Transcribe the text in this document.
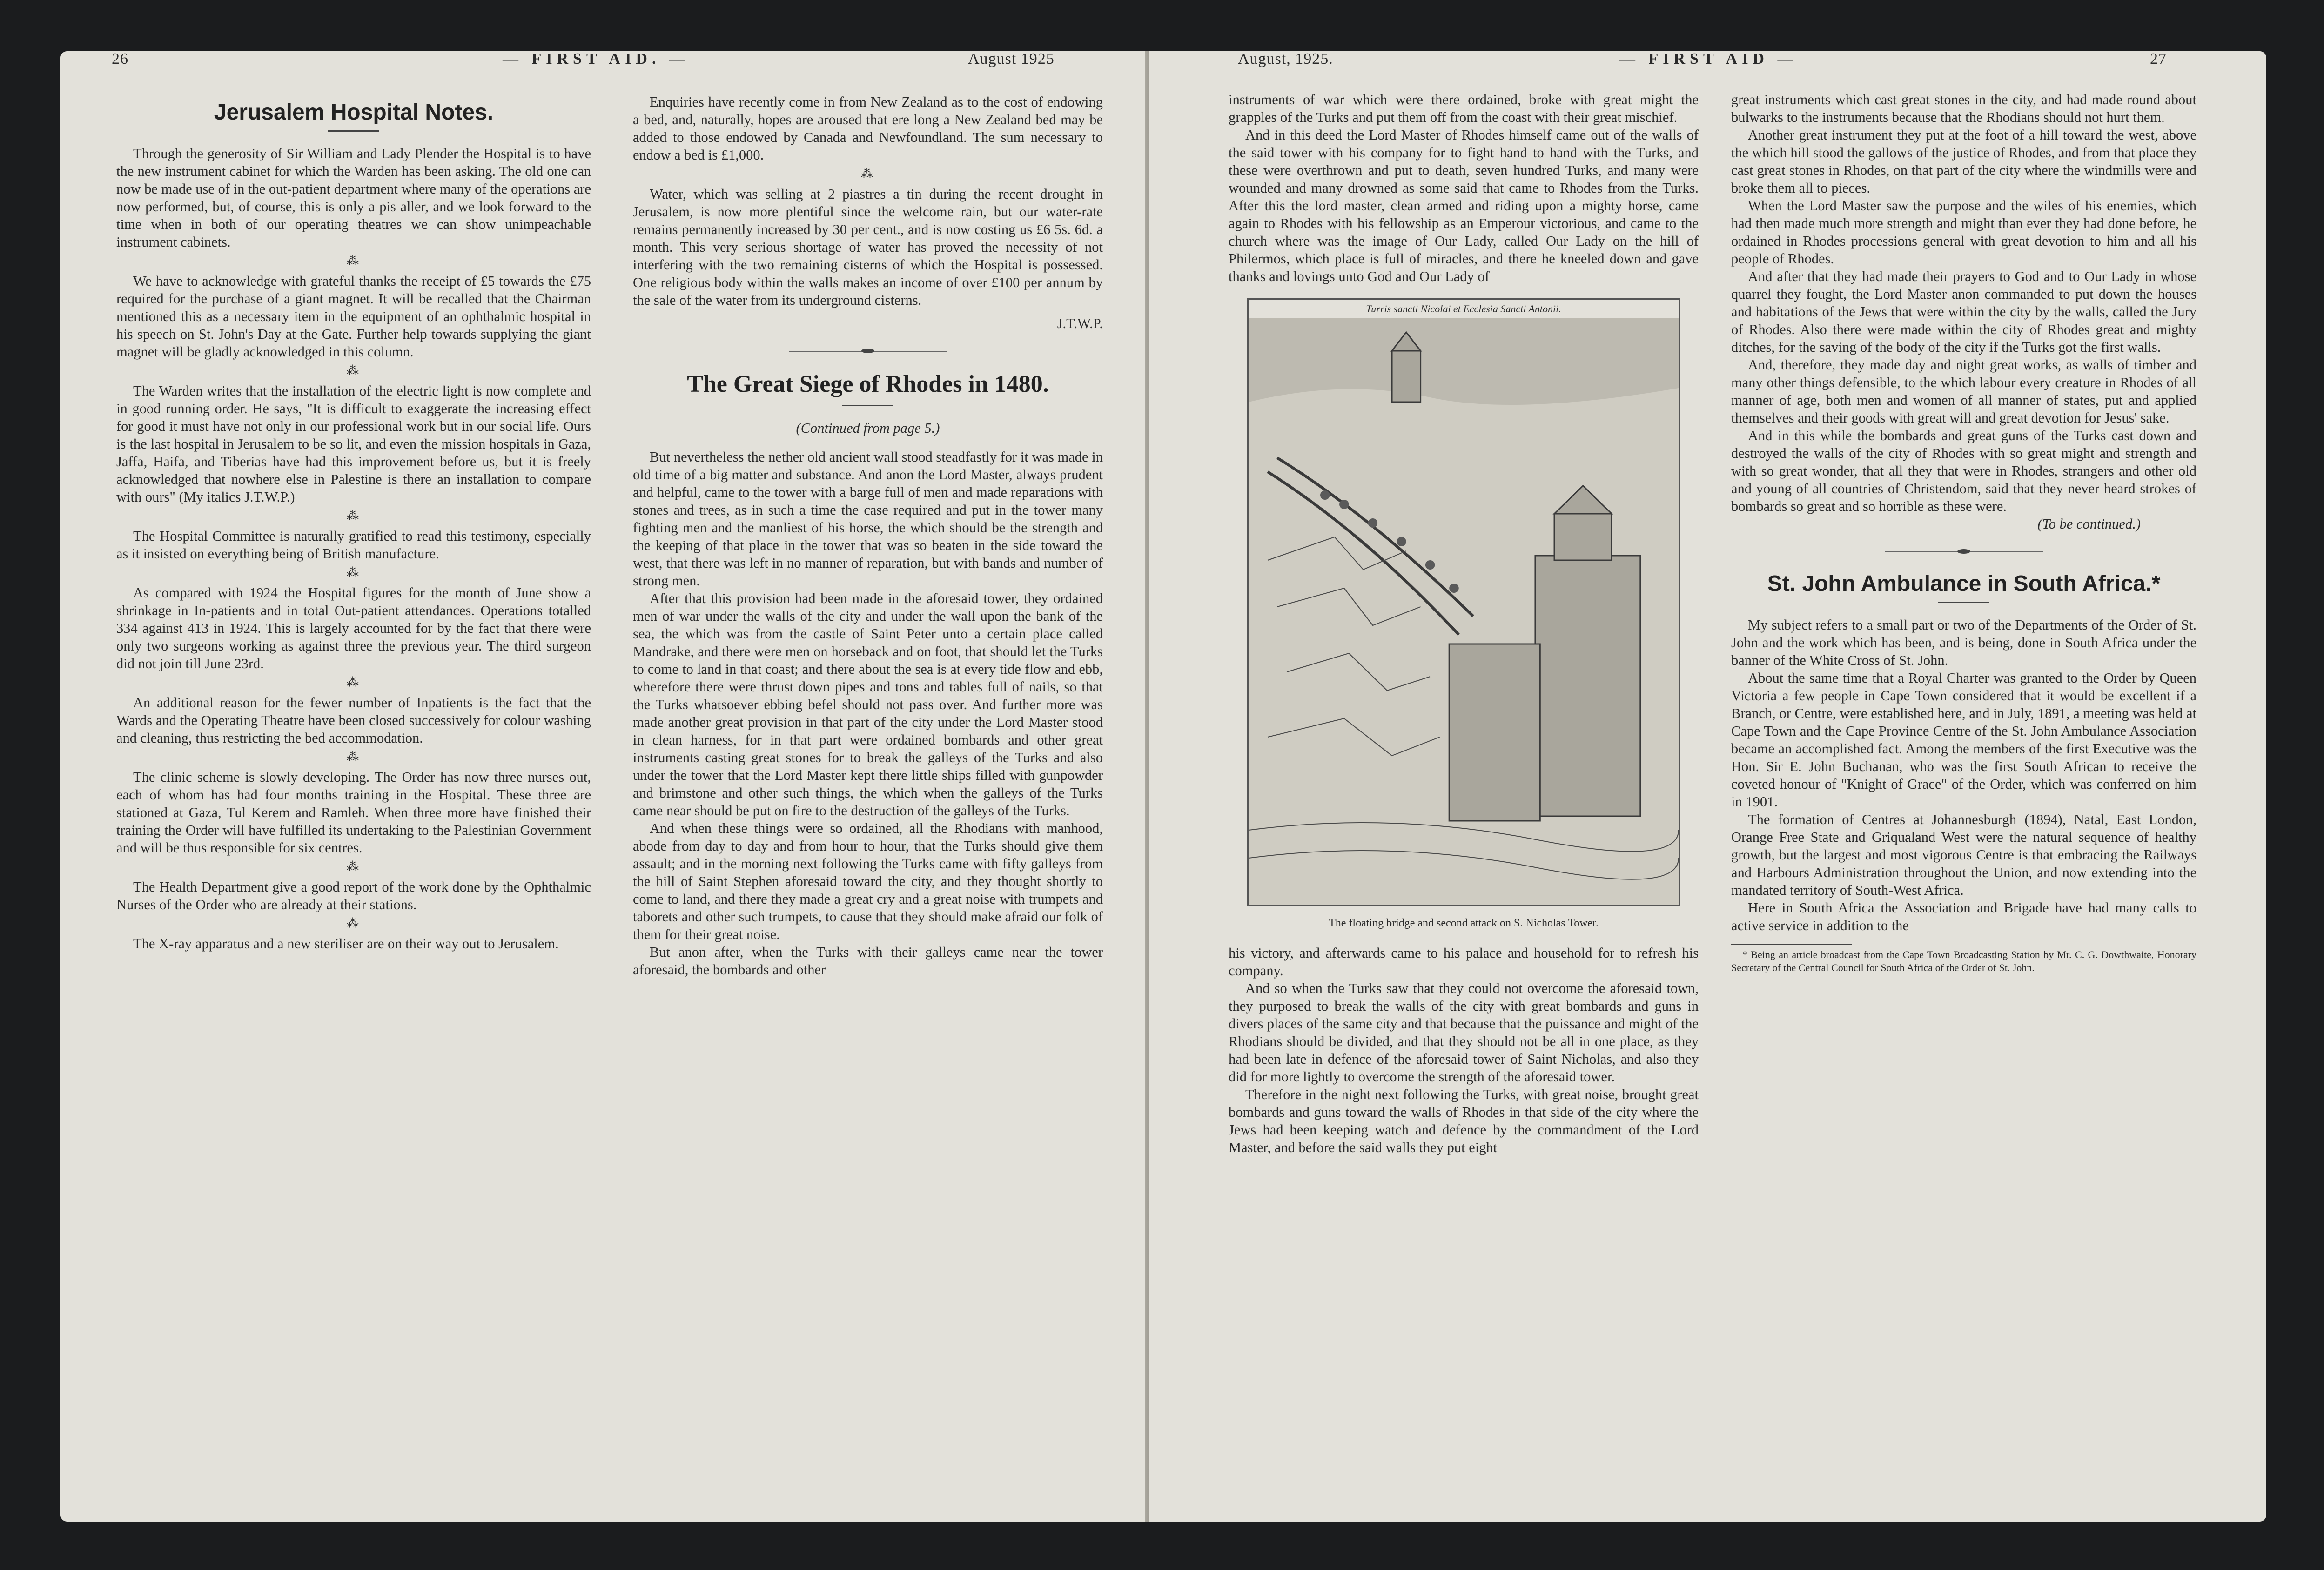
26	— FIRST AID. —	August 1925
Jerusalem Hospital Notes.

Through the generosity of Sir William and Lady Plender the Hospital is to have the new instrument cabinet for which the Warden has been asking. The old one can now be made use of in the out-patient department where many of the operations are now performed, but, of course, this is only a pis aller, and we look forward to the time when in both of our operating theatres we can show unimpeachable instrument cabinets.

⁂

We have to acknowledge with grateful thanks the receipt of £5 towards the £75 required for the purchase of a giant magnet. It will be recalled that the Chairman mentioned this as a necessary item in the equipment of an ophthalmic hospital in his speech on St. John's Day at the Gate. Further help towards supplying the giant magnet will be gladly acknowledged in this column.

⁂

The Warden writes that the installation of the electric light is now complete and in good running order. He says, "It is difficult to exaggerate the increasing effect for good it must have not only in our professional work but in our social life. Ours is the last hospital in Jerusalem to be so lit, and even the mission hospitals in Gaza, Jaffa, Haifa, and Tiberias have had this improvement before us, but it is freely acknowledged that nowhere else in Palestine is there an installation to compare with ours" (My italics J.T.W.P.)

⁂

The Hospital Committee is naturally gratified to read this testimony, especially as it insisted on everything being of British manufacture.

⁂

As compared with 1924 the Hospital figures for the month of June show a shrinkage in In-patients and in total Out-patient attendances. Operations totalled 334 against 413 in 1924. This is largely accounted for by the fact that there were only two surgeons working as against three the previous year. The third surgeon did not join till June 23rd.

⁂

An additional reason for the fewer number of Inpatients is the fact that the Wards and the Operating Theatre have been closed successively for colour washing and cleaning, thus restricting the bed accommodation.

⁂

The clinic scheme is slowly developing. The Order has now three nurses out, each of whom has had four months training in the Hospital. These three are stationed at Gaza, Tul Kerem and Ramleh. When three more have finished their training the Order will have fulfilled its undertaking to the Palestinian Government and will be thus responsible for six centres.

⁂

The Health Department give a good report of the work done by the Ophthalmic Nurses of the Order who are already at their stations.

⁂

The X-ray apparatus and a new steriliser are on their way out to Jerusalem.

Enquiries have recently come in from New Zealand as to the cost of endowing a bed, and, naturally, hopes are aroused that ere long a New Zealand bed may be added to those endowed by Canada and Newfoundland. The sum necessary to endow a bed is £1,000.

⁂

Water, which was selling at 2 piastres a tin during the recent drought in Jerusalem, is now more plentiful since the welcome rain, but our water-rate remains permanently increased by 30 per cent., and is now costing us £6 5s. 6d. a month. This very serious shortage of water has proved the necessity of not interfering with the two remaining cisterns of which the Hospital is possessed. One religious body within the walls makes an income of over £100 per annum by the sale of the water from its underground cisterns.

J.T.W.P.
The Great Siege of Rhodes in 1480.
(Continued from page 5.)

But nevertheless the nether old ancient wall stood steadfastly for it was made in old time of a big matter and substance. And anon the Lord Master, always prudent and helpful, came to the tower with a barge full of men and made reparations with stones and trees, as in such a time the case required and put in the tower many fighting men and the manliest of his horse, the which should be the strength and the keeping of that place in the tower that was so beaten in the side toward the west, that there was left in no manner of reparation, but with bands and number of strong men.

After that this provision had been made in the aforesaid tower, they ordained men of war under the walls of the city and under the wall upon the bank of the sea, the which was from the castle of Saint Peter unto a certain place called Mandrake, and there were men on horseback and on foot, that should let the Turks to come to land in that coast; and there about the sea is at every tide flow and ebb, wherefore there were thrust down pipes and tons and tables full of nails, so that the Turks whatsoever ebbing befel should not pass over. And further more was made another great provision in that part of the city under the Lord Master stood in clean harness, for in that part were ordained bombards and other great instruments casting great stones for to break the galleys of the Turks and also under the tower that the Lord Master kept there little ships filled with gunpowder and brimstone and other such things, the which when the galleys of the Turks came near should be put on fire to the destruction of the galleys of the Turks.

And when these things were so ordained, all the Rhodians with manhood, abode from day to day and from hour to hour, that the Turks should give them assault; and in the morning next following the Turks came with fifty galleys from the hill of Saint Stephen aforesaid toward the city, and they thought shortly to come to land, and there they made a great cry and a great noise with trumpets and taborets and other such trumpets, to cause that they should make afraid our folk of them for their great noise.

But anon after, when the Turks with their galleys came near the tower aforesaid, the bombards and other

August, 1925.	— FIRST AID —	27

instruments of war which were there ordained, broke with great might the grapples of the Turks and put them off from the coast with their great mischief.

And in this deed the Lord Master of Rhodes himself came out of the walls of the said tower with his company for to fight hand to hand with the Turks, and these were overthrown and put to death, seven hundred Turks, and many were wounded and many drowned as some said that came to Rhodes from the Turks. After this the lord master, clean armed and riding upon a mighty horse, came again to Rhodes with his fellowship as an Emperour victorious, and came to the church where was the image of Our Lady, called Our Lady on the hill of Philermos, which place is full of miracles, and there he kneeled down and gave thanks and lovings unto God and Our Lady of

Turris sancti Nicolai et Ecclesia Sancti Antonii.
The floating bridge and second attack on S. Nicholas Tower.

his victory, and afterwards came to his palace and household for to refresh his company.

And so when the Turks saw that they could not overcome the aforesaid town, they purposed to break the walls of the city with great bombards and guns in divers places of the same city and that because that the puissance and might of the Rhodians should be divided, and that they should not be all in one place, as they had been late in defence of the aforesaid tower of Saint Nicholas, and also they did for more lightly to overcome the strength of the aforesaid tower.

Therefore in the night next following the Turks, with great noise, brought great bombards and guns toward the walls of Rhodes in that side of the city where the Jews had been keeping watch and defence by the commandment of the Lord Master, and before the said walls they put eight

great instruments which cast great stones in the city, and had made round about bulwarks to the instruments because that the Rhodians should not hurt them.

Another great instrument they put at the foot of a hill toward the west, above the which hill stood the gallows of the justice of Rhodes, and from that place they cast great stones in Rhodes, on that part of the city where the windmills were and broke them all to pieces.

When the Lord Master saw the purpose and the wiles of his enemies, which had then made much more strength and might than ever they had done before, he ordained in Rhodes processions general with great devotion to him and all his people of Rhodes.

And after that they had made their prayers to God and to Our Lady in whose quarrel they fought, the Lord Master anon commanded to put down the houses and habitations of the Jews that were within the city by the walls, called the Jury of Rhodes. Also there were made within the city of Rhodes great and mighty ditches, for the saving of the body of the city if the Turks got the first walls.

And, therefore, they made day and night great works, as walls of timber and many other things defensible, to the which labour every creature in Rhodes of all manner of age, both men and women of all manner of states, put and applied themselves and their goods with great will and great devotion for Jesus' sake.

And in this while the bombards and great guns of the Turks cast down and destroyed the walls of the city of Rhodes with so great might and strength and with so great wonder, that all they that were in Rhodes, strangers and other old and young of all countries of Christendom, said that they never heard strokes of bombards so great and so horrible as these were.

(To be continued.)
St. John Ambulance in South Africa.*

My subject refers to a small part or two of the Departments of the Order of St. John and the work which has been, and is being, done in South Africa under the banner of the White Cross of St. John.

About the same time that a Royal Charter was granted to the Order by Queen Victoria a few people in Cape Town considered that it would be excellent if a Branch, or Centre, were established here, and in July, 1891, a meeting was held at Cape Town and the Cape Province Centre of the St. John Ambulance Association became an accomplished fact. Among the members of the first Executive was the Hon. Sir E. John Buchanan, who was the first South African to receive the coveted honour of "Knight of Grace" of the Order, which was conferred on him in 1901.

The formation of Centres at Johannesburgh (1894), Natal, East London, Orange Free State and Griqualand West were the natural sequence of healthy growth, but the largest and most vigorous Centre is that embracing the Railways and Harbours Administration throughout the Union, and now extending into the mandated territory of South-West Africa.

Here in South Africa the Association and Brigade have had many calls to active service in addition to the

* Being an article broadcast from the Cape Town Broadcasting Station by Mr. C. G. Dowthwaite, Honorary Secretary of the Central Council for South Africa of the Order of St. John.
